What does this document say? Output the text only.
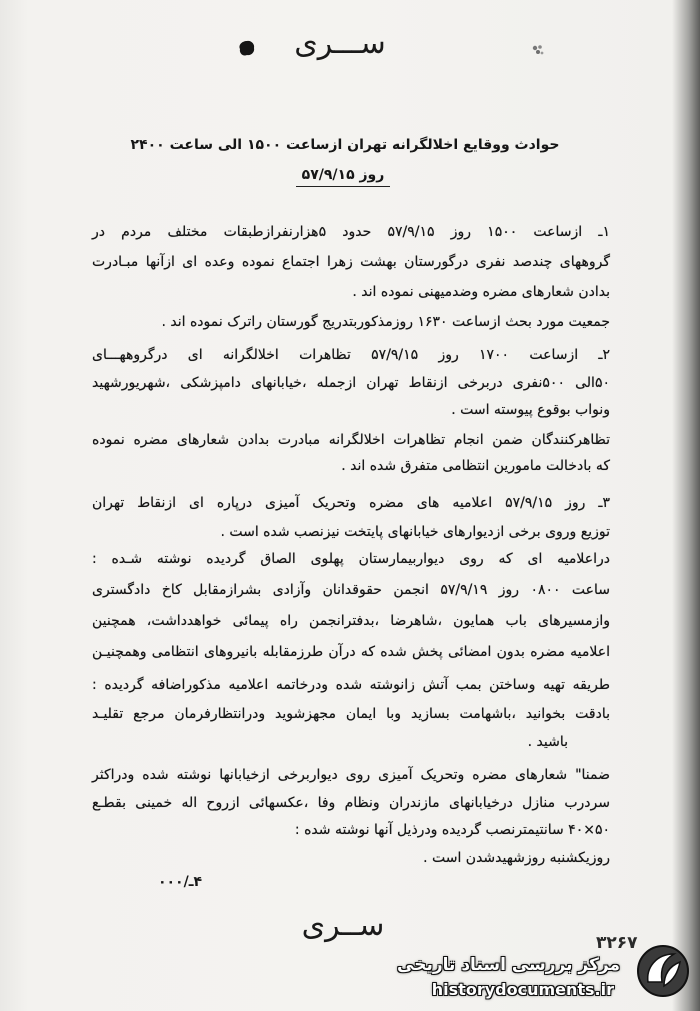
ســـری
حوادث ووقایع اخلالگرانه تهران ازساعت ۱۵۰۰ الی ساعت ۲۴۰۰
روز ۵۷/۹/۱۵
۱ـ ازساعت ۱۵۰۰ روز ۵۷/۹/۱۵ حدود ۵هزارنفرازطبقات مختلف مردم در
گروههای چندصد نفری درگورستان بهشت زهرا اجتماع نموده وعده ای ازآنها مبـادرت
بدادن شعارهای مضره وضدمیهنی نموده اند .
جمعیت مورد بحث ازساعت ۱۶۳۰ روزمذکوربتدریج گورستان راترک نموده اند .
۲ـ ازساعت ۱۷۰۰ روز ۵۷/۹/۱۵ تظاهرات اخلالگرانه ای درگروههـــای
۵۰الی ۵۰۰نفری دربرخی ازنقاط تهران ازجمله ،خیابانهای دامپزشکی ،شهریورشهید
ونواب بوقوع پیوسته است .
تظاهرکنندگان ضمن انجام تظاهرات اخلالگرانه مبادرت بدادن شعارهای مضره نموده
که بادخالت مامورین انتظامی متفرق شده اند .
۳ـ روز ۵۷/۹/۱۵ اعلامیه های مضره وتحریک آمیزی درپاره ای ازنقاط تهران
توزیع وروی برخی ازدیوارهای خیابانهای پایتخت نیزنصب شده است .
دراعلامیه ای که روی دیواربیمارستان پهلوی الصاق گردیده نوشته شـده :
ساعت ۰۸۰۰ روز ۵۷/۹/۱۹ انجمن حقوقدانان وآزادی بشرازمقابل کاخ دادگستری
وازمسیرهای باب همایون ،شاهرضا ،بدفترانجمن راه پیمائی خواهدداشت، همچنین
اعلامیه مضره بدون امضائی پخش شده که درآن طرزمقابله بانیروهای انتظامی وهمچنیـن
طریقه تهیه وساختن بمب آتش زانوشته شده ودرخاتمه اعلامیه مذکوراضافه گردیده :
بادقت بخوانید ،باشهامت بسازید وبا ایمان مجهزشوید ودرانتظارفرمان مرجع تقلیـد
باشید .
ضمنا" شعارهای مضره وتحریک آمیزی روی دیواربرخی ازخیابانها نوشته شده ودراکثر
سردرب منازل درخیابانهای مازندران ونظام وفا ،عکسهائی ازروح اله خمینی بقطـع
۵۰×۴۰ سانتیمترنصب گردیده ودرذیل آنها نوشته شده :
روزیکشنبه روزشهیدشدن است .
۴ـ/۰۰۰
ســری	۳۲۶۷
مرکز بررسی اسناد تاریخی
historydocuments.ir
